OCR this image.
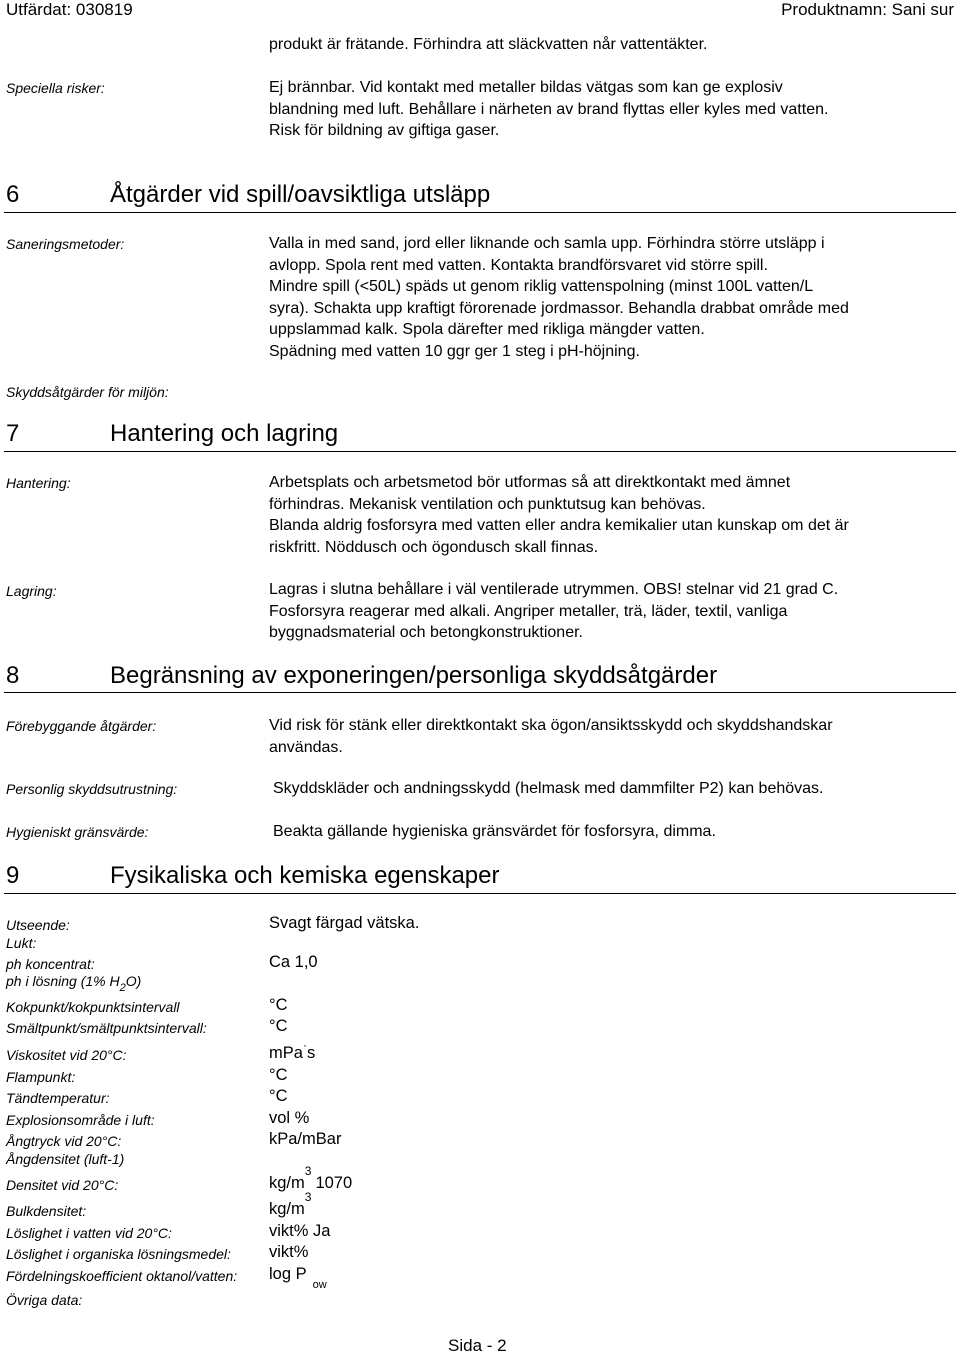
Utfärdat: 030819	Produktnamn: Sani sur
produkt är frätande. Förhindra att släckvatten når vattentäkter.
Speciella risker:	Ej brännbar. Vid kontakt med metaller bildas vätgas som kan ge explosiv
blandning med luft. Behållare i närheten av brand flyttas eller kyles med vatten.
Risk för bildning av giftiga gaser.
6	Åtgärder vid spill/oavsiktliga utsläpp
Saneringsmetoder:	Valla in med sand, jord eller liknande och samla upp. Förhindra större utsläpp i
avlopp. Spola rent med vatten. Kontakta brandförsvaret vid större spill.
Mindre spill (<50L) späds ut genom riklig vattenspolning (minst 100L vatten/L
syra). Schakta upp kraftigt förorenade jordmassor. Behandla drabbat område med
uppslammad kalk. Spola därefter med rikliga mängder vatten.
Spädning med vatten 10 ggr ger 1 steg i pH-höjning.
Skyddsåtgärder för miljön:
7	Hantering och lagring
Hantering:	Arbetsplats och arbetsmetod bör utformas så att direktkontakt med ämnet
förhindras. Mekanisk ventilation och punktutsug kan behövas.
Blanda aldrig fosforsyra med vatten eller andra kemikalier utan kunskap om det är
riskfritt. Nöddusch och ögondusch skall finnas.
Lagring:	Lagras i slutna behållare i väl ventilerade utrymmen. OBS! stelnar vid 21 grad C.
Fosforsyra reagerar med alkali. Angriper metaller, trä, läder, textil, vanliga
byggnadsmaterial och betongkonstruktioner.
8	Begränsning av exponeringen/personliga skyddsåtgärder
Förebyggande åtgärder:	Vid risk för stänk eller direktkontakt ska ögon/ansiktsskydd och skyddshandskar
användas.
Personlig skyddsutrustning:	Skyddskläder och andningsskydd (helmask med dammfilter P2) kan behövas.
Hygieniskt gränsvärde:	Beakta gällande hygieniska gränsvärdet för fosforsyra, dimma.
9	Fysikaliska och kemiska egenskaper
Utseende:	Svagt färgad vätska.
Lukt:
ph koncentrat:	Ca 1,0
ph i lösning (1% $H_2O$)
Kokpunkt/kokpunktsintervall	°C
Smältpunkt/smältpunktsintervall:	°C
Viskositet vid 20°C:	mPa·s
Flampunkt:	°C
Tändtemperatur:	°C
Explosionsområde i luft:	vol %
Ångtryck vid 20°C:	kPa/mBar
Ångdensitet (luft-1)
Densitet vid 20°C:	$kg/m^31070$
Bulkdensitet:	$kg/m^3$
Löslighet i vatten vid 20°C:	vikt% Ja
Löslighet i organiska lösningsmedel: vikt%
Fördelningskoefficient oktanol/vatten: $\log P_{ow}$
Övriga data:
Sida - 2
